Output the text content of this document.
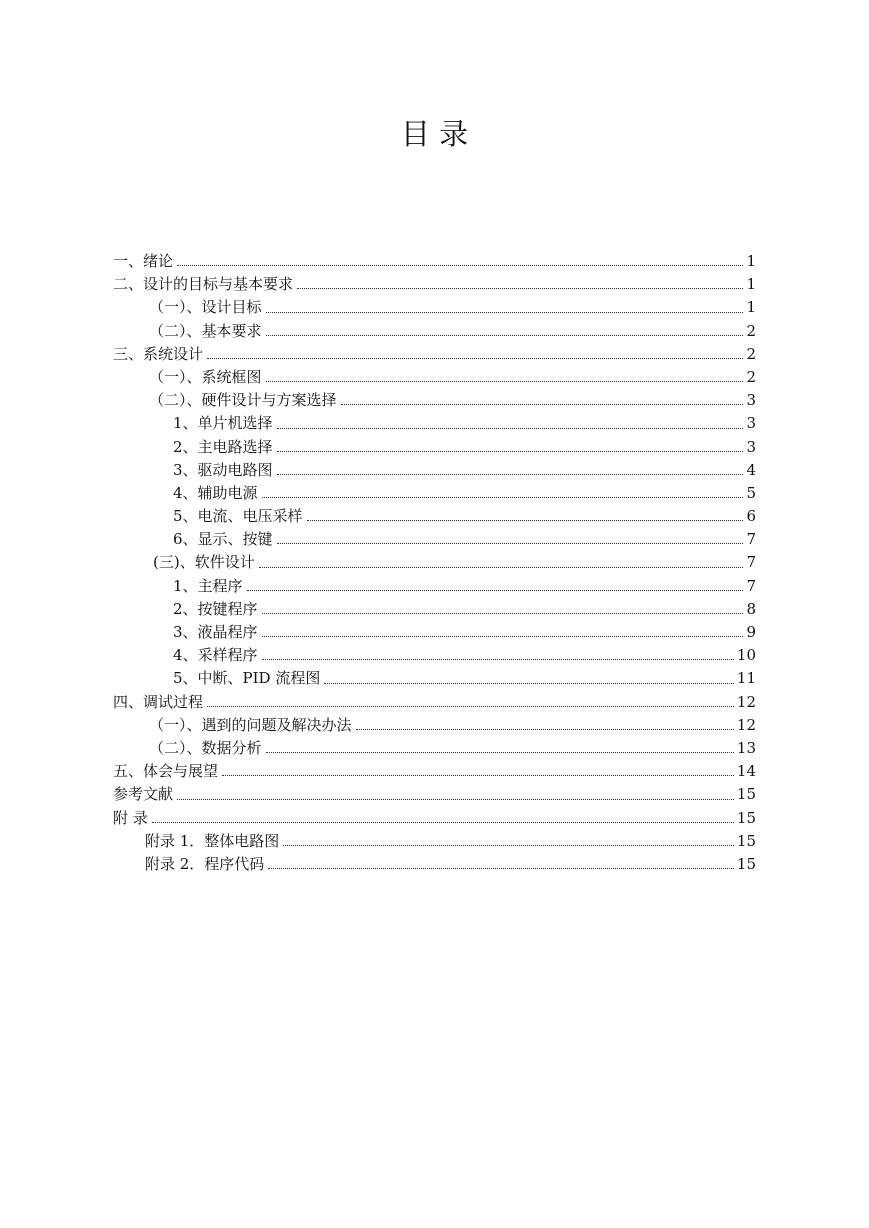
目 录
一、绪论	1
二、设计的目标与基本要求	1
（一）、设计目标	1
（二）、基本要求	2
三、系统设计	2
（一）、系统框图	2
（二）、硬件设计与方案选择	3
1、单片机选择	3
2、主电路选择	3
3、驱动电路图	4
4、辅助电源	5
5、电流、电压采样	6
6、显示、按键	7
(三)、软件设计	7
1、主程序	7
2、按键程序	8
3、液晶程序	9
4、采样程序	10
5、中断、PID 流程图	11
四、调试过程	12
（一）、遇到的问题及解决办法	12
（二）、数据分析	13
五、体会与展望	14
参考文献	15
附 录	15
附录 1．整体电路图	15
附录 2．程序代码	15
